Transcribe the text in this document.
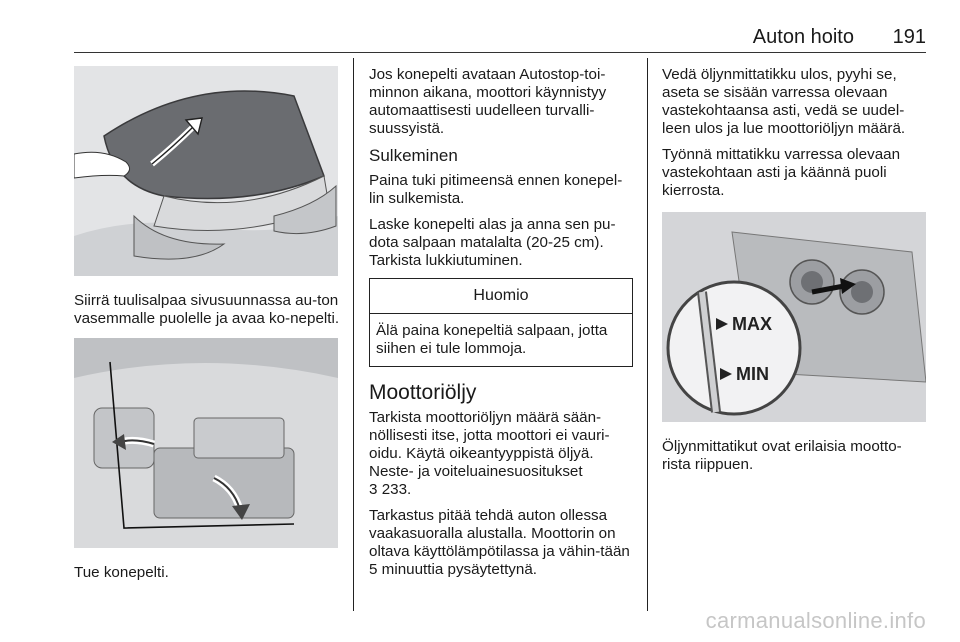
Auton hoito 191

Siirrä tuulisalpaa sivusuunnassa au-ton vasemmalle puolelle ja avaa ko-nepelti.

Tue konepelti.

Jos konepelti avataan Autostop-toi-minnon aikana, moottori käynnistyy automaattisesti uudelleen turvalli-suussyistä.

Sulkeminen

Paina tuki pitimeensä ennen konepel-lin sulkemista.

Laske konepelti alas ja anna sen pu-dota salpaan matalalta (20-25 cm). Tarkista lukkiutuminen.

Huomio
Älä paina konepeltiä salpaan, jotta siihen ei tule lommoja.
Moottoriöljy

Tarkista moottoriöljyn määrä sään-nöllisesti itse, jotta moottori ei vauri-oidu. Käytä oikeantyyppistä öljyä. Neste- ja voiteluainesuositukset

3 233.

Tarkastus pitää tehdä auton ollessa vaakasuoralla alustalla. Moottorin on oltava käyttölämpötilassa ja vähin-tään 5 minuuttia pysäytettynä.

Vedä öljynmittatikku ulos, pyyhi se, aseta se sisään varressa olevaan vastekohtaansa asti, vedä se uudel-leen ulos ja lue moottoriöljyn määrä.

Työnnä mittatikku varressa olevaan vastekohtaan asti ja käännä puoli kierrosta.

MAX
MIN

Öljynmittatikut ovat erilaisia mootto-rista riippuen.

carmanualsonline.info
